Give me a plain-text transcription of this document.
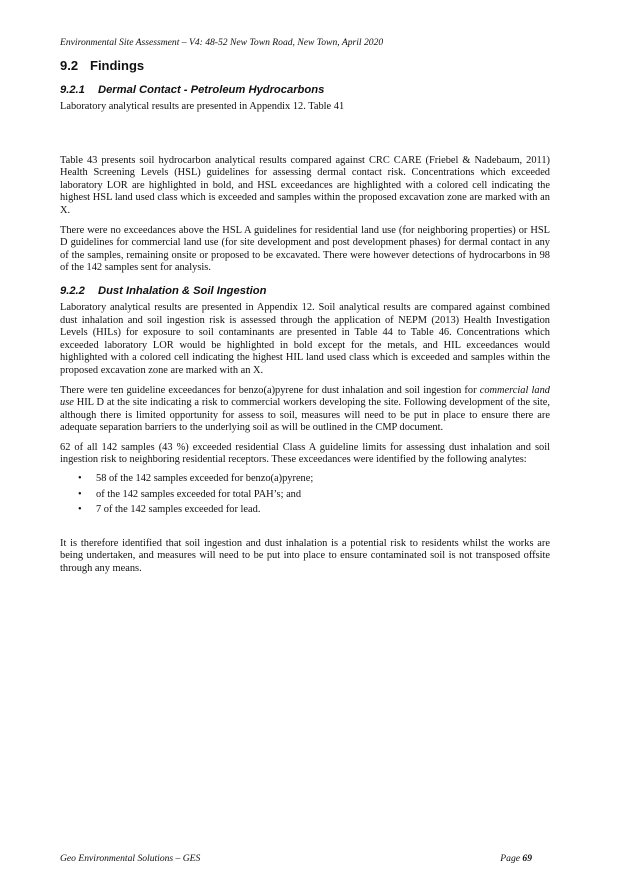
Environmental Site Assessment – V4: 48-52 New Town Road, New Town, April 2020
9.2 Findings
9.2.1 Dermal Contact - Petroleum Hydrocarbons

Laboratory analytical results are presented in Appendix 12. Table 41

Table 43 presents soil hydrocarbon analytical results compared against CRC CARE (Friebel & Nadebaum, 2011) Health Screening Levels (HSL) guidelines for assessing dermal contact risk. Concentrations which exceeded laboratory LOR are highlighted in bold, and HSL exceedances are highlighted with a colored cell indicating the highest HSL land used class which is exceeded and samples within the proposed excavation zone are marked with an X.

There were no exceedances above the HSL A guidelines for residential land use (for neighboring properties) or HSL D guidelines for commercial land use (for site development and post development phases) for dermal contact in any of the samples, remaining onsite or proposed to be excavated. There were however detections of hydrocarbons in 98 of the 142 samples sent for analysis.

9.2.2 Dust Inhalation & Soil Ingestion

Laboratory analytical results are presented in Appendix 12. Soil analytical results are compared against combined dust inhalation and soil ingestion risk is assessed through the application of NEPM (2013) Health Investigation Levels (HILs) for exposure to soil contaminants are presented in Table 44 to Table 46. Concentrations which exceeded laboratory LOR would be highlighted in bold except for the metals, and HIL exceedances would highlighted with a colored cell indicating the highest HIL land used class which is exceeded and samples within the proposed excavation zone are marked with an X.

There were ten guideline exceedances for benzo(a)pyrene for dust inhalation and soil ingestion for commercial land use HIL D at the site indicating a risk to commercial workers developing the site. Following development of the site, although there is limited opportunity for assess to soil, measures will need to be put in place to ensure there are adequate separation barriers to the underlying soil as will be outlined in the CMP document.

62 of all 142 samples (43 %) exceeded residential Class A guideline limits for assessing dust inhalation and soil ingestion risk to neighboring residential receptors. These exceedances were identified by the following analytes:

• 58 of the 142 samples exceeded for benzo(a)pyrene;
• of the 142 samples exceeded for total PAH’s; and
• 7 of the 142 samples exceeded for lead.

It is therefore identified that soil ingestion and dust inhalation is a potential risk to residents whilst the works are being undertaken, and measures will need to be put into place to ensure contaminated soil is not transposed offsite through any means.

Geo Environmental Solutions – GES	Page 69
